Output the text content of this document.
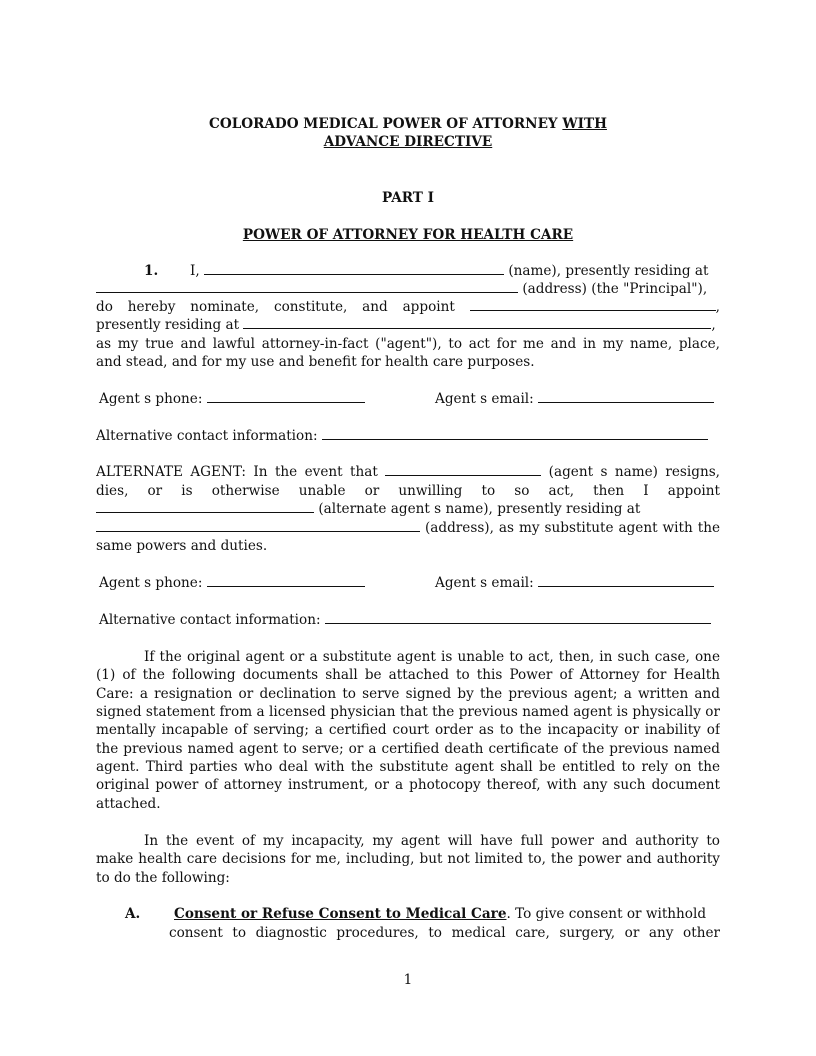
COLORADO MEDICAL POWER OF ATTORNEY WITH
ADVANCE DIRECTIVE
PART I
POWER OF ATTORNEY FOR HEALTH CARE
1. I,	(name), presently residing at
(address) (the "Principal"),
do hereby nominate, constitute, and appoint	,
presently residing at	,
as my true and lawful attorney-in-fact ("agent"), to act for me and in my name, place,
and stead, and for my use and benefit for health care purposes.
Agent s phone:	Agent s email:
Alternative contact information:
ALTERNATE AGENT: In the event that	(agent s name) resigns,
dies, or is otherwise unable or unwilling to so act, then I appoint
(alternate agent s name), presently residing at
(address), as my substitute agent with the
same powers and duties.
Agent s phone:	Agent s email:
Alternative contact information:
If the original agent or a substitute agent is unable to act, then, in such case, one
(1) of the following documents shall be attached to this Power of Attorney for Health
Care: a resignation or declination to serve signed by the previous agent; a written and
signed statement from a licensed physician that the previous named agent is physically or
mentally incapable of serving; a certified court order as to the incapacity or inability of
the previous named agent to serve; or a certified death certificate of the previous named
agent. Third parties who deal with the substitute agent shall be entitled to rely on the
original power of attorney instrument, or a photocopy thereof, with any such document
attached.
In the event of my incapacity, my agent will have full power and authority to
make health care decisions for me, including, but not limited to, the power and authority
to do the following:
A. Consent or Refuse Consent to Medical Care. To give consent or withhold
consent to diagnostic procedures, to medical care, surgery, or any other
1
